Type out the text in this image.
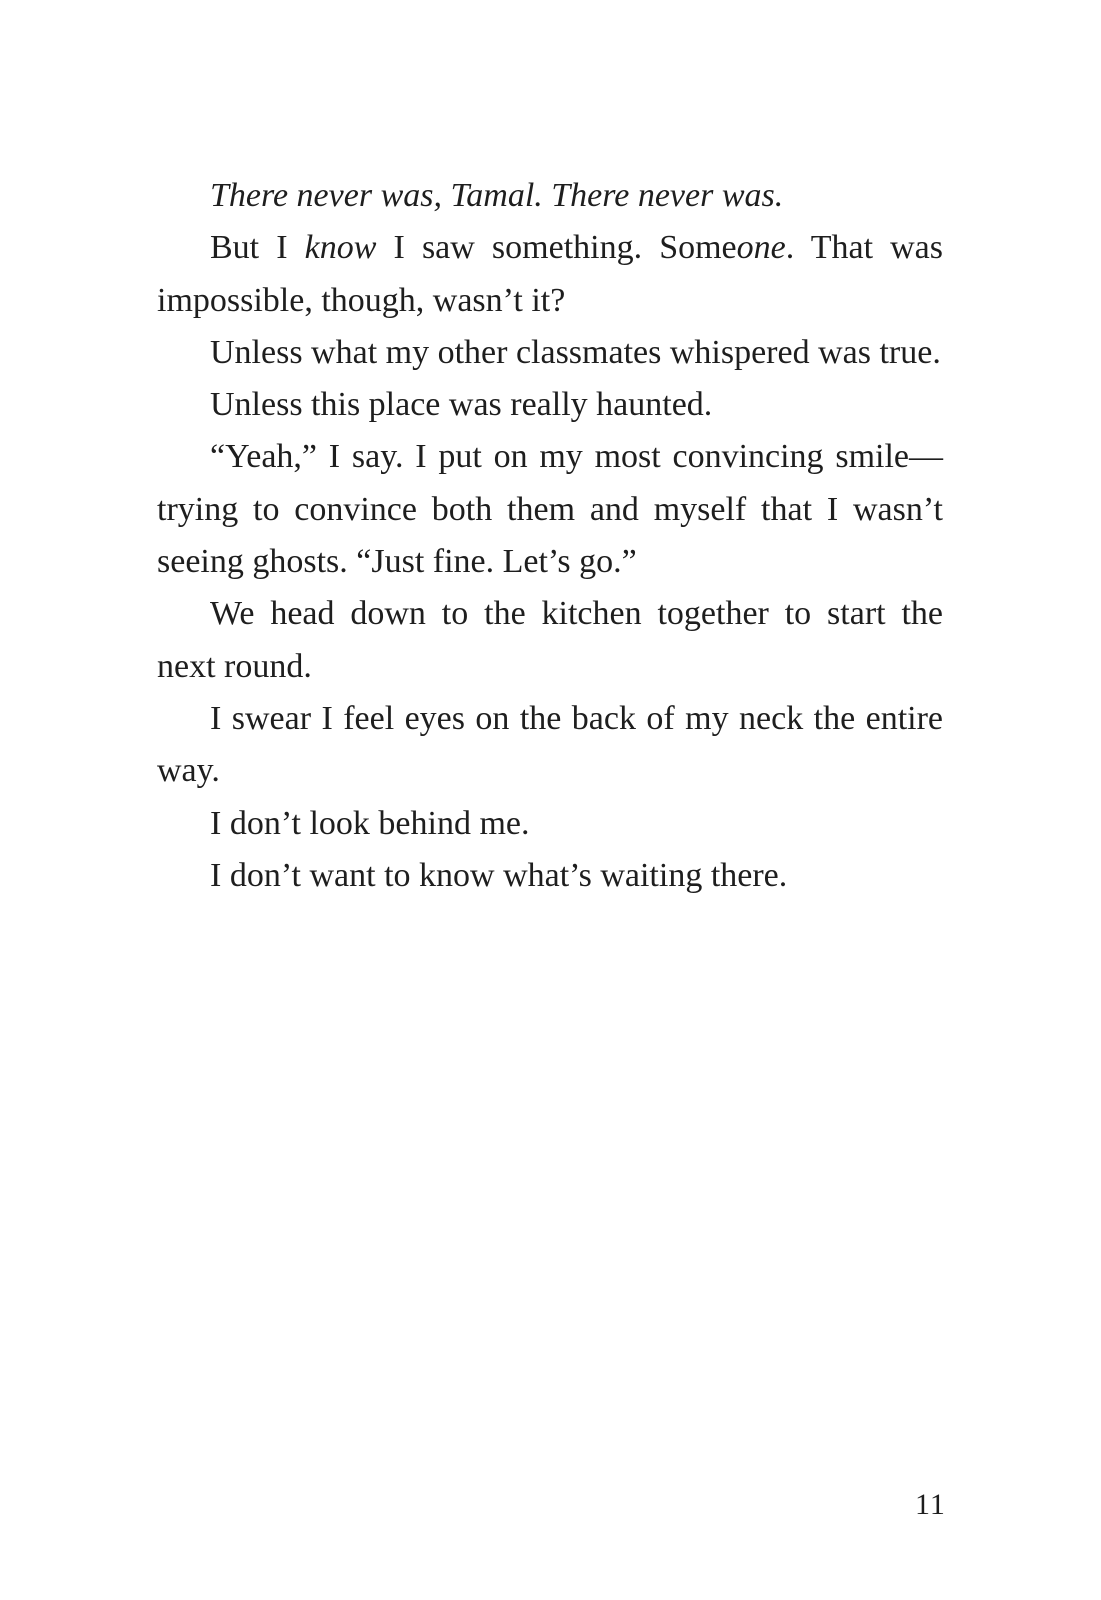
There never was, Tamal. There never was.

But I know I saw something. Someone. That was impossible, though, wasn’t it?

Unless what my other classmates whispered was true.

Unless this place was really haunted.

“Yeah,” I say. I put on my most convincing smile— trying to convince both them and myself that I wasn’t seeing ghosts. “Just fine. Let’s go.”

We head down to the kitchen together to start the next round.

I swear I feel eyes on the back of my neck the entire way.

I don’t look behind me.

I don’t want to know what’s waiting there.

11
